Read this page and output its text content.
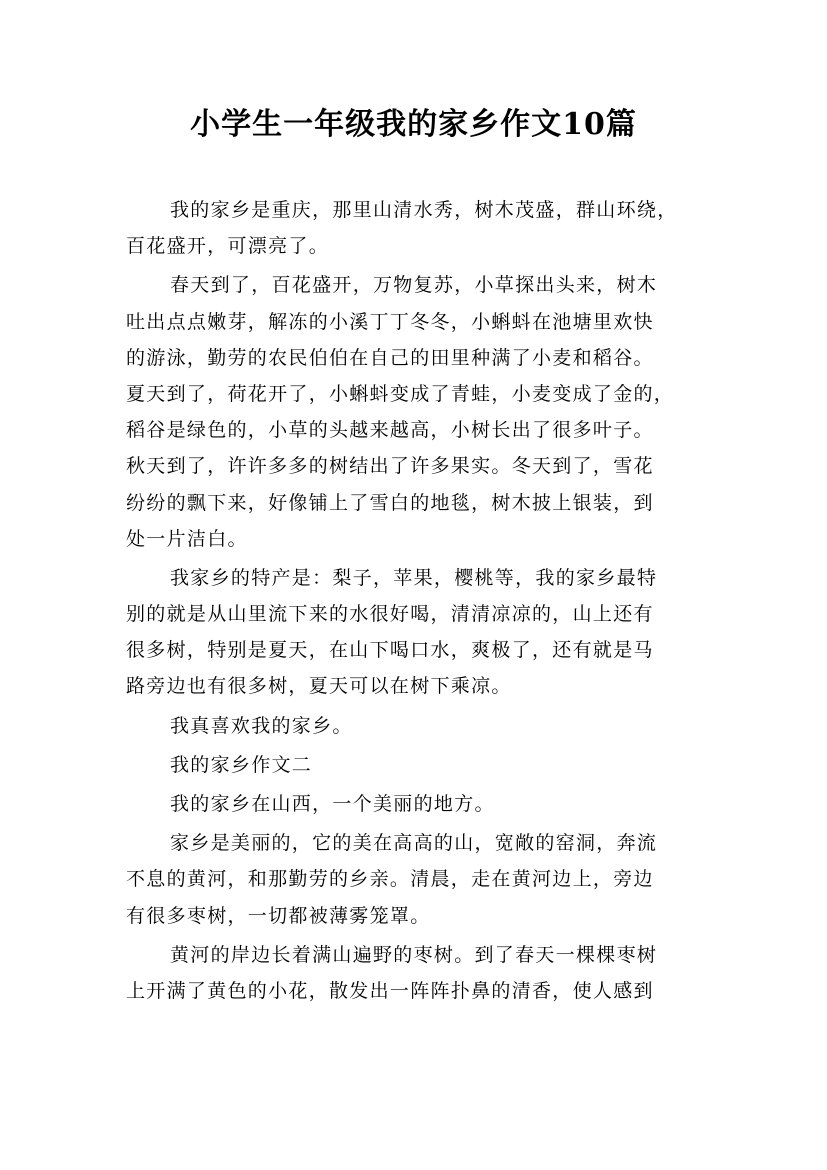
小学生一年级我的家乡作文10篇
我的家乡是重庆，那里山清水秀，树木茂盛，群山环绕，
百花盛开，可漂亮了。
春天到了，百花盛开，万物复苏，小草探出头来，树木
吐出点点嫩芽，解冻的小溪丁丁冬冬，小蝌蚪在池塘里欢快
的游泳，勤劳的农民伯伯在自己的田里种满了小麦和稻谷。
夏天到了，荷花开了，小蝌蚪变成了青蛙，小麦变成了金的，
稻谷是绿色的，小草的头越来越高，小树长出了很多叶子。
秋天到了，许许多多的树结出了许多果实。冬天到了，雪花
纷纷的飘下来，好像铺上了雪白的地毯，树木披上银装，到
处一片洁白。
我家乡的特产是：梨子，苹果，樱桃等，我的家乡最特
别的就是从山里流下来的水很好喝，清清凉凉的，山上还有
很多树，特别是夏天，在山下喝口水，爽极了，还有就是马
路旁边也有很多树，夏天可以在树下乘凉。
我真喜欢我的家乡。
我的家乡作文二
我的家乡在山西，一个美丽的地方。
家乡是美丽的，它的美在高高的山，宽敞的窑洞，奔流
不息的黄河，和那勤劳的乡亲。清晨，走在黄河边上，旁边
有很多枣树，一切都被薄雾笼罩。
黄河的岸边长着满山遍野的枣树。到了春天一棵棵枣树
上开满了黄色的小花，散发出一阵阵扑鼻的清香，使人感到
